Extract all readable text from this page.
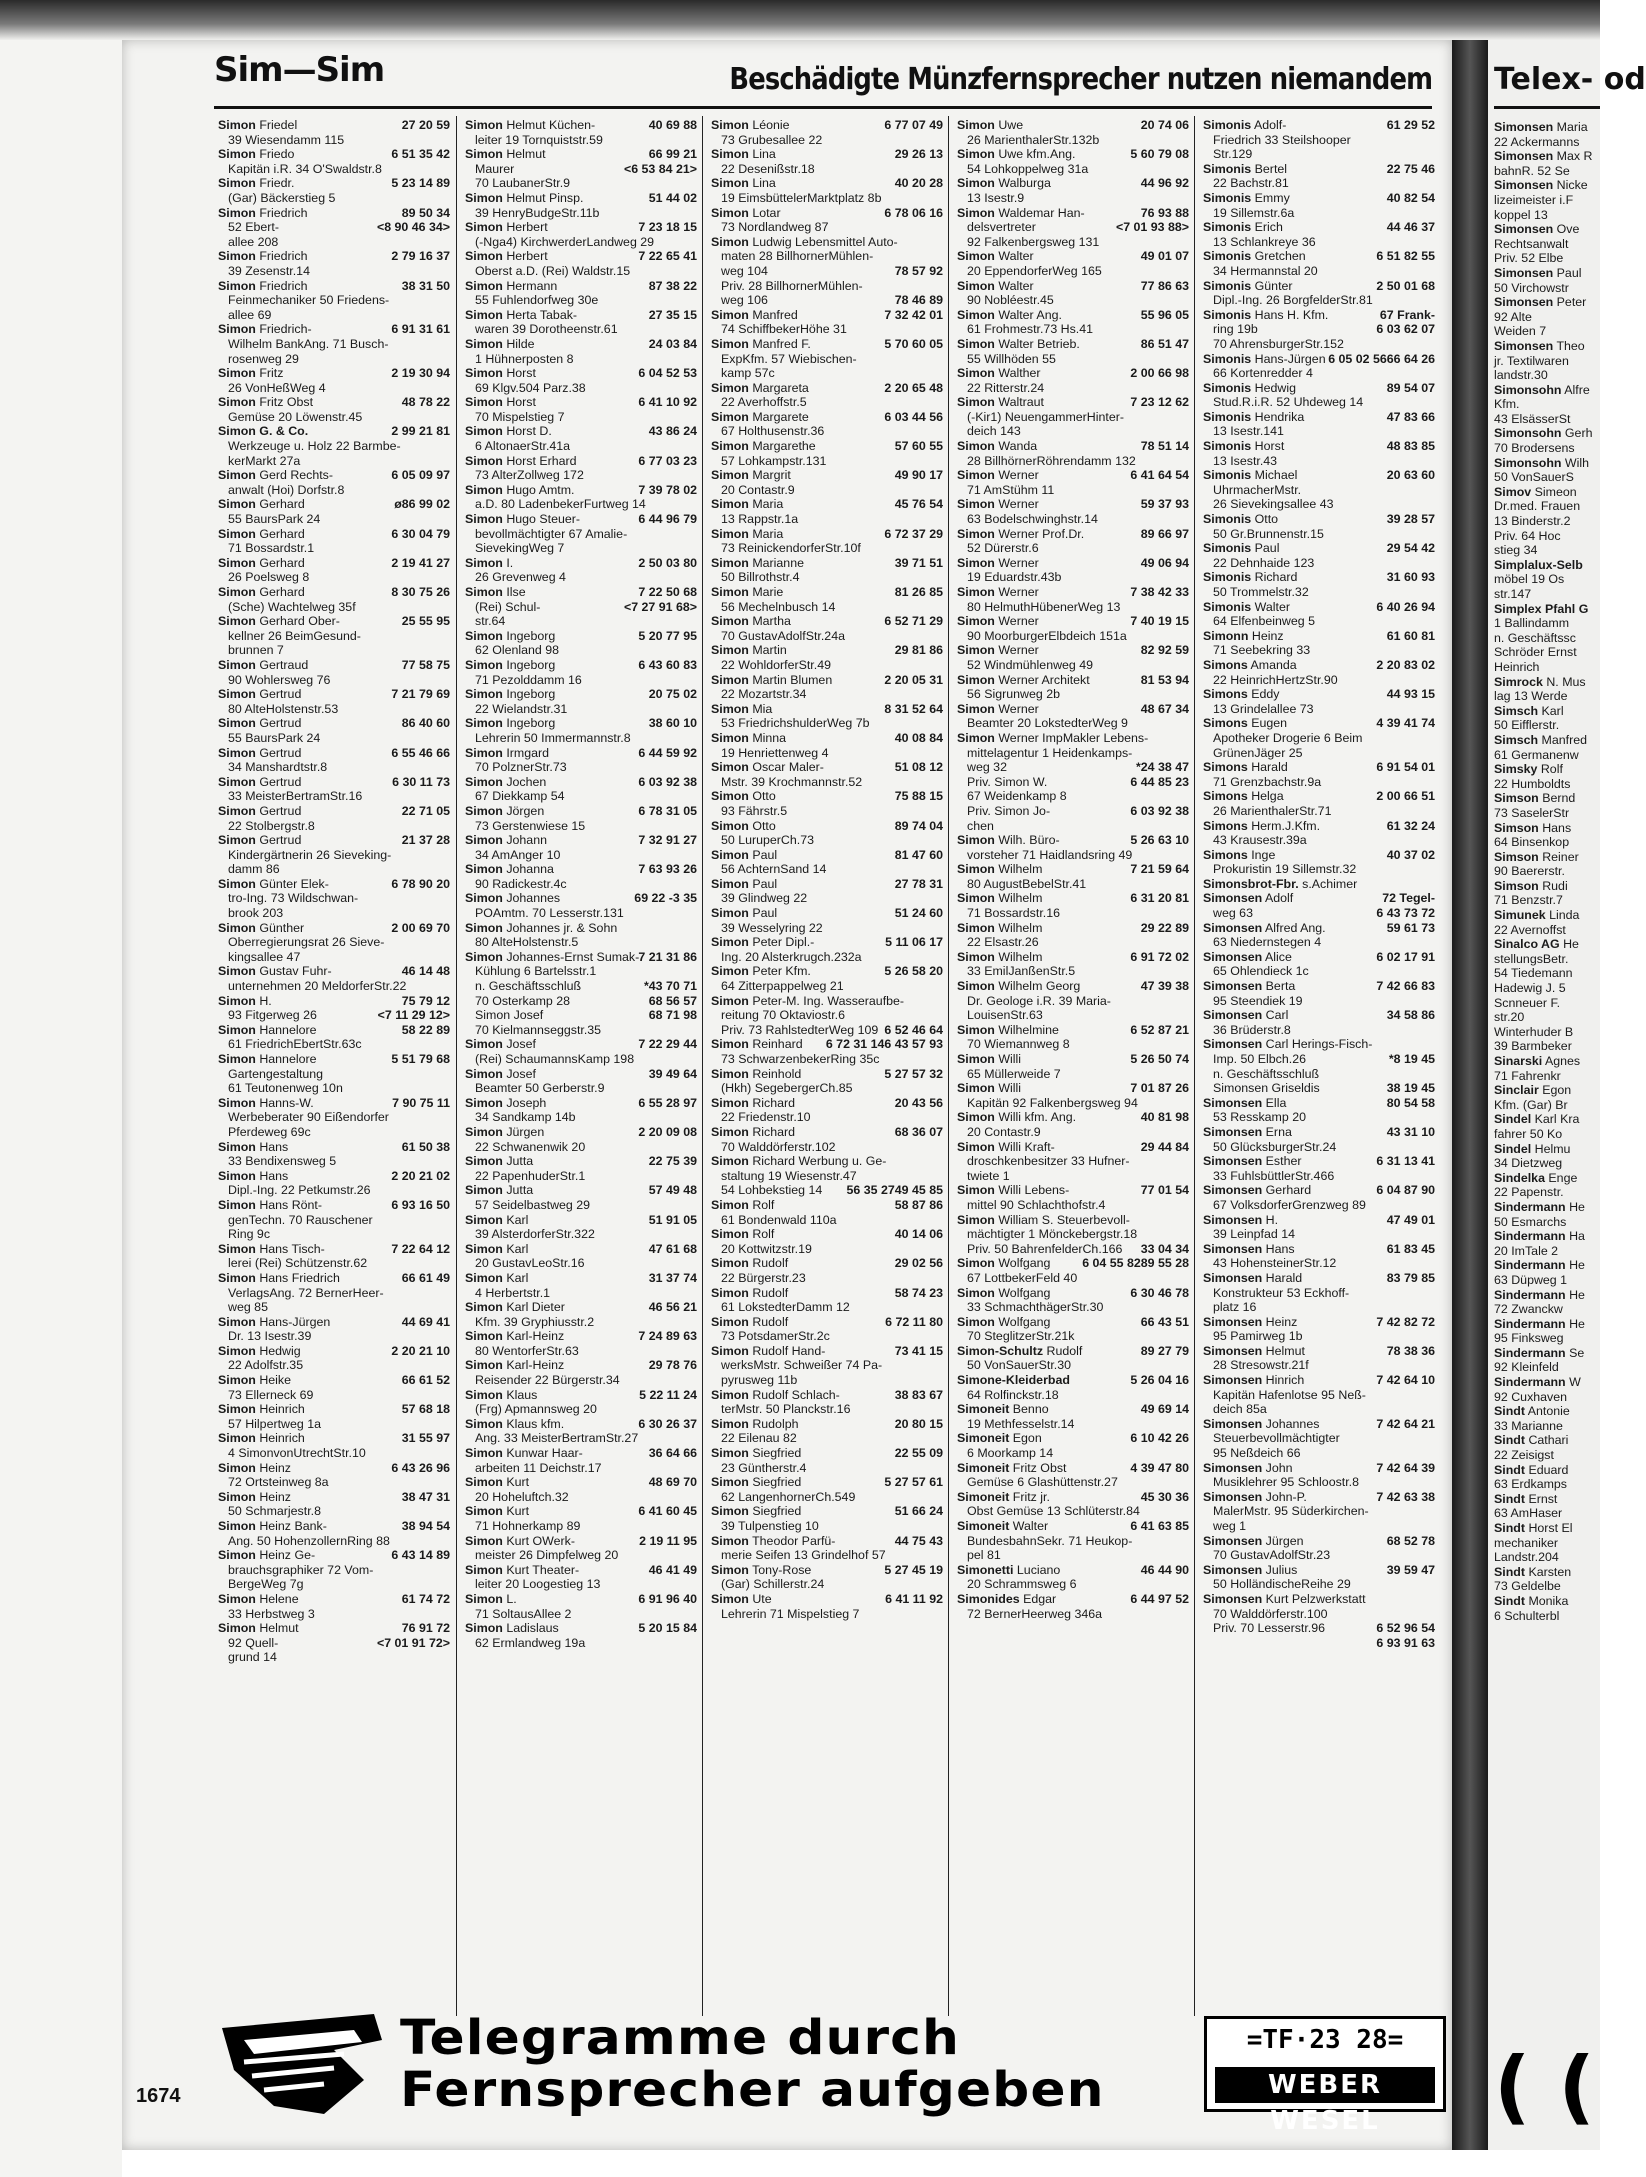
Sim—Sim	Beschädigte Münzfernsprecher nutzen niemandem
27 20 59
Simon Friedel
39 Wiesendamm 115
6 51 35 42
Simon Friedo
Kapitän i.R. 34 O'Swaldstr.8
5 23 14 89
Simon Friedr.
(Gar) Bäckerstieg 5
89 50 34
Simon Friedrich
<8 90 46 34>
52 Ebert-
allee 208
2 79 16 37
Simon Friedrich
39 Zesenstr.14
38 31 50
Simon Friedrich
Feinmechaniker 50 Friedens-
allee 69
6 91 31 61
Simon Friedrich-
Wilhelm BankAng. 71 Busch-
rosenweg 29
2 19 30 94
Simon Fritz
26 VonHeßWeg 4
48 78 22
Simon Fritz Obst
Gemüse 20 Löwenstr.45
2 99 21 81
Simon G. & Co.
Werkzeuge u. Holz 22 Barmbe-
kerMarkt 27a
6 05 09 97
Simon Gerd Rechts-
anwalt (Hoi) Dorfstr.8
ø86 99 02
Simon Gerhard
55 BaursPark 24
6 30 04 79
Simon Gerhard
71 Bossardstr.1
2 19 41 27
Simon Gerhard
26 Poelsweg 8
8 30 75 26
Simon Gerhard
(Sche) Wachtelweg 35f
25 55 95
Simon Gerhard Ober-
kellner 26 BeimGesund-
brunnen 7
77 58 75
Simon Gertraud
90 Wohlersweg 76
7 21 79 69
Simon Gertrud
80 AlteHolstenstr.53
86 40 60
Simon Gertrud
55 BaursPark 24
6 55 46 66
Simon Gertrud
34 Manshardtstr.8
6 30 11 73
Simon Gertrud
33 MeisterBertramStr.16
22 71 05
Simon Gertrud
22 Stolbergstr.8
21 37 28
Simon Gertrud
Kindergärtnerin 26 Sieveking-
damm 86
6 78 90 20
Simon Günter Elek-
tro-Ing. 73 Wildschwan-
brook 203
2 00 69 70
Simon Günther
Oberregierungsrat 26 Sieve-
kingsallee 47
46 14 48
Simon Gustav Fuhr-
unternehmen 20 MeldorferStr.22
75 79 12
Simon H.
<7 11 29 12>
93 Fitgerweg 26
58 22 89
Simon Hannelore
61 FriedrichEbertStr.63c
5 51 79 68
Simon Hannelore
Gartengestaltung
61 Teutonenweg 10n
7 90 75 11
Simon Hanns-W.
Werbeberater 90 Eißendorfer
Pferdeweg 69c
61 50 38
Simon Hans
33 Bendixensweg 5
2 20 21 02
Simon Hans
Dipl.-Ing. 22 Petkumstr.26
6 93 16 50
Simon Hans Rönt-
genTechn. 70 Rauschener
Ring 9c
7 22 64 12
Simon Hans Tisch-
lerei (Rei) Schützenstr.62
66 61 49
Simon Hans Friedrich
VerlagsAng. 72 BernerHeer-
weg 85
44 69 41
Simon Hans-Jürgen
Dr. 13 Isestr.39
2 20 21 10
Simon Hedwig
22 Adolfstr.35
66 61 52
Simon Heike
73 Ellerneck 69
57 68 18
Simon Heinrich
57 Hilpertweg 1a
31 55 97
Simon Heinrich
4 SimonvonUtrechtStr.10
6 43 26 96
Simon Heinz
72 Ortsteinweg 8a
38 47 31
Simon Heinz
50 Schmarjestr.8
38 94 54
Simon Heinz Bank-
Ang. 50 HohenzollernRing 88
6 43 14 89
Simon Heinz Ge-
brauchsgraphiker 72 Vom-
BergeWeg 7g
61 74 72
Simon Helene
33 Herbstweg 3
76 91 72
Simon Helmut
<7 01 91 72>
92 Quell-
grund 14
40 69 88
Simon Helmut Küchen-
leiter 19 Tornquiststr.59
66 99 21
Simon Helmut
<6 53 84 21>
Maurer
70 LaubanerStr.9
51 44 02
Simon Helmut Pinsp.
39 HenryBudgeStr.11b
7 23 18 15
Simon Herbert
(-Nga4) KirchwerderLandweg 29
7 22 65 41
Simon Herbert
Oberst a.D. (Rei) Waldstr.15
87 38 22
Simon Hermann
55 Fuhlendorfweg 30e
27 35 15
Simon Herta Tabak-
waren 39 Dorotheenstr.61
24 03 84
Simon Hilde
1 Hühnerposten 8
6 04 52 53
Simon Horst
69 Klgv.504 Parz.38
6 41 10 92
Simon Horst
70 Mispelstieg 7
43 86 24
Simon Horst D.
6 AltonaerStr.41a
6 77 03 23
Simon Horst Erhard
73 AlterZollweg 172
7 39 78 02
Simon Hugo Amtm.
a.D. 80 LadenbekerFurtweg 14
6 44 96 79
Simon Hugo Steuer-
bevollmächtigter 67 Amalie-
SievekingWeg 7
2 50 03 80
Simon I.
26 Grevenweg 4
7 22 50 68
Simon Ilse
<7 27 91 68>
(Rei) Schul-
str.64
5 20 77 95
Simon Ingeborg
62 Olenland 98
6 43 60 83
Simon Ingeborg
71 Pezolddamm 16
20 75 02
Simon Ingeborg
22 Wielandstr.31
38 60 10
Simon Ingeborg
Lehrerin 50 Immermannstr.8
6 44 59 92
Simon Irmgard
70 PolznerStr.73
6 03 92 38
Simon Jochen
67 Diekkamp 54
6 78 31 05
Simon Jörgen
73 Gerstenwiese 15
7 32 91 27
Simon Johann
34 AmAnger 10
7 63 93 26
Simon Johanna
90 Radickestr.4c
69 22 -3 35
Simon Johannes
POAmtm. 70 Lesserstr.131
Simon Johannes jr. & Sohn
80 AlteHolstenstr.5
7 21 31 86
Simon Johannes-Ernst Sumak-
Kühlung 6 Bartelsstr.1
*43 70 71
n. Geschäftsschluß
68 56 57
70 Osterkamp 28
68 71 98
Simon Josef
70 Kielmannseggstr.35
7 22 29 44
Simon Josef
(Rei) SchaumannsKamp 198
39 49 64
Simon Josef
Beamter 50 Gerberstr.9
6 55 28 97
Simon Joseph
34 Sandkamp 14b
2 20 09 08
Simon Jürgen
22 Schwanenwik 20
22 75 39
Simon Jutta
22 PapenhuderStr.1
57 49 48
Simon Jutta
57 Seidelbastweg 29
51 91 05
Simon Karl
39 AlsterdorferStr.322
47 61 68
Simon Karl
20 GustavLeoStr.16
31 37 74
Simon Karl
4 Herbertstr.1
46 56 21
Simon Karl Dieter
Kfm. 39 Gryphiusstr.2
7 24 89 63
Simon Karl-Heinz
80 WentorferStr.63
29 78 76
Simon Karl-Heinz
Reisender 22 Bürgerstr.34
5 22 11 24
Simon Klaus
(Frg) Apmannsweg 20
6 30 26 37
Simon Klaus kfm.
Ang. 33 MeisterBertramStr.27
36 64 66
Simon Kunwar Haar-
arbeiten 11 Deichstr.17
48 69 70
Simon Kurt
20 Hoheluftch.32
6 41 60 45
Simon Kurt
71 Hohnerkamp 89
2 19 11 95
Simon Kurt OWerk-
meister 26 Dimpfelweg 20
46 41 49
Simon Kurt Theater-
leiter 20 Loogestieg 13
6 91 96 40
Simon L.
71 SoltausAllee 2
5 20 15 84
Simon Ladislaus
62 Ermlandweg 19a
6 77 07 49
Simon Léonie
73 Grubesallee 22
29 26 13
Simon Lina
22 Desenißstr.18
40 20 28
Simon Lina
19 EimsbüttelerMarktplatz 8b
6 78 06 16
Simon Lotar
73 Nordlandweg 87
Simon Ludwig Lebensmittel Auto-
maten 28 BillhornerMühlen-
78 57 92
weg 104
Priv. 28 BillhornerMühlen-
78 46 89
weg 106
7 32 42 01
Simon Manfred
74 SchiffbekerHöhe 31
5 70 60 05
Simon Manfred F.
ExpKfm. 57 Wiebischen-
kamp 57c
2 20 65 48
Simon Margareta
22 Averhoffstr.5
6 03 44 56
Simon Margarete
67 Holthusenstr.36
57 60 55
Simon Margarethe
57 Lohkampstr.131
49 90 17
Simon Margrit
20 Contastr.9
45 76 54
Simon Maria
13 Rappstr.1a
6 72 37 29
Simon Maria
73 ReinickendorferStr.10f
39 71 51
Simon Marianne
50 Billrothstr.4
81 26 85
Simon Marie
56 Mechelnbusch 14
6 52 71 29
Simon Martha
70 GustavAdolfStr.24a
29 81 86
Simon Martin
22 WohldorferStr.49
2 20 05 31
Simon Martin Blumen
22 Mozartstr.34
8 31 52 64
Simon Mia
53 FriedrichshulderWeg 7b
40 08 84
Simon Minna
19 Henriettenweg 4
51 08 12
Simon Oscar Maler-
Mstr. 39 Krochmannstr.52
75 88 15
Simon Otto
93 Fährstr.5
89 74 04
Simon Otto
50 LuruperCh.73
81 47 60
Simon Paul
56 AchternSand 14
27 78 31
Simon Paul
39 Glindweg 22
51 24 60
Simon Paul
39 Wesselyring 22
5 11 06 17
Simon Peter Dipl.-
Ing. 20 Alsterkrugch.232a
5 26 58 20
Simon Peter Kfm.
64 Zitterpappelweg 21
Simon Peter-M. Ing. Wasseraufbe-
reitung 70 Oktaviostr.6
6 52 46 64
Priv. 73 RahlstedterWeg 109
6 43 57 93
6 72 31 14
Simon Reinhard
73 SchwarzenbekerRing 35c
5 27 57 32
Simon Reinhold
(Hkh) SegebergerCh.85
20 43 56
Simon Richard
22 Friedenstr.10
68 36 07
Simon Richard
70 Walddörferstr.102
Simon Richard Werbung u. Ge-
staltung 19 Wiesenstr.47
49 45 85
56 35 27
54 Lohbekstieg 14
58 87 86
Simon Rolf
61 Bondenwald 110a
40 14 06
Simon Rolf
20 Kottwitzstr.19
29 02 56
Simon Rudolf
22 Bürgerstr.23
58 74 23
Simon Rudolf
61 LokstedterDamm 12
6 72 11 80
Simon Rudolf
73 PotsdamerStr.2c
73 41 15
Simon Rudolf Hand-
werksMstr. Schweißer 74 Pa-
pyrusweg 11b
38 83 67
Simon Rudolf Schlach-
terMstr. 50 Planckstr.16
20 80 15
Simon Rudolph
22 Eilenau 82
22 55 09
Simon Siegfried
23 Güntherstr.4
5 27 57 61
Simon Siegfried
62 LangenhornerCh.549
51 66 24
Simon Siegfried
39 Tulpenstieg 10
44 75 43
Simon Theodor Parfü-
merie Seifen 13 Grindelhof 57
5 27 45 19
Simon Tony-Rose
(Gar) Schillerstr.24
6 41 11 92
Simon Ute
Lehrerin 71 Mispelstieg 7
20 74 06
Simon Uwe
26 MarienthalerStr.132b
5 60 79 08
Simon Uwe kfm.Ang.
54 Lohkoppelweg 31a
44 96 92
Simon Walburga
13 Isestr.9
76 93 88
Simon Waldemar Han-
<7 01 93 88>
delsvertreter
92 Falkenbergsweg 131
49 01 07
Simon Walter
20 EppendorferWeg 165
77 86 63
Simon Walter
90 Nobléestr.45
55 96 05
Simon Walter Ang.
61 Frohmestr.73 Hs.41
86 51 47
Simon Walter Betrieb.
55 Willhöden 55
2 00 66 98
Simon Walther
22 Ritterstr.24
7 23 12 62
Simon Waltraut
(-Kir1) NeuengammerHinter-
deich 143
78 51 14
Simon Wanda
28 BillhörnerRöhrendamm 132
6 41 64 54
Simon Werner
71 AmStühm 11
59 37 93
Simon Werner
63 Bodelschwinghstr.14
89 66 97
Simon Werner Prof.Dr.
52 Dürerstr.6
49 06 94
Simon Werner
19 Eduardstr.43b
7 38 42 33
Simon Werner
80 HelmuthHübenerWeg 13
7 40 19 15
Simon Werner
90 MoorburgerElbdeich 151a
82 92 59
Simon Werner
52 Windmühlenweg 49
81 53 94
Simon Werner Architekt
56 Sigrunweg 2b
48 67 34
Simon Werner
Beamter 20 LokstedterWeg 9
Simon Werner ImpMakler Lebens-
mittelagentur 1 Heidenkamps-
*24 38 47
weg 32
6 44 85 23
Priv. Simon W.
67 Weidenkamp 8
6 03 92 38
Priv. Simon Jo-
chen
5 26 63 10
Simon Wilh. Büro-
vorsteher 71 Haidlandsring 49
7 21 59 64
Simon Wilhelm
80 AugustBebelStr.41
6 31 20 81
Simon Wilhelm
71 Bossardstr.16
29 22 89
Simon Wilhelm
22 Elsastr.26
6 91 72 02
Simon Wilhelm
33 EmilJanßenStr.5
47 39 38
Simon Wilhelm Georg
Dr. Geologe i.R. 39 Maria-
LouisenStr.63
6 52 87 21
Simon Wilhelmine
70 Wiemannweg 8
5 26 50 74
Simon Willi
65 Müllerweide 7
7 01 87 26
Simon Willi
Kapitän 92 Falkenbergsweg 94
40 81 98
Simon Willi kfm. Ang.
20 Contastr.9
29 44 84
Simon Willi Kraft-
droschkenbesitzer 33 Hufner-
twiete 1
77 01 54
Simon Willi Lebens-
mittel 90 Schlachthofstr.4
Simon William S. Steuerbevoll-
mächtigter 1 Mönckebergstr.18
33 04 34
Priv. 50 BahrenfelderCh.166
89 55 28
6 04 55 82
Simon Wolfgang
67 LottbekerFeld 40
6 30 46 78
Simon Wolfgang
33 SchmachthägerStr.30
66 43 51
Simon Wolfgang
70 SteglitzerStr.21k
89 27 79
Simon-Schultz Rudolf
50 VonSauerStr.30
5 26 04 16
Simone-Kleiderbad
64 Rolfinckstr.18
49 69 14
Simoneit Benno
19 Methfesselstr.14
6 10 42 26
Simoneit Egon
6 Moorkamp 14
4 39 47 80
Simoneit Fritz Obst
Gemüse 6 Glashüttenstr.27
45 30 36
Simoneit Fritz jr.
Obst Gemüse 13 Schlüterstr.84
6 41 63 85
Simoneit Walter
BundesbahnSekr. 71 Heukop-
pel 81
46 44 90
Simonetti Luciano
20 Schrammsweg 6
6 44 97 52
Simonides Edgar
72 BernerHeerweg 346a
61 29 52
Simonis Adolf-
Friedrich 33 Steilshooper
Str.129
22 75 46
Simonis Bertel
22 Bachstr.81
40 82 54
Simonis Emmy
19 Sillemstr.6a
44 46 37
Simonis Erich
13 Schlankreye 36
6 51 82 55
Simonis Gretchen
34 Hermannstal 20
2 50 01 68
Simonis Günter
Dipl.-Ing. 26 BorgfelderStr.81
67 Frank-
Simonis Hans H. Kfm.
6 03 62 07
ring 19b
70 AhrensburgerStr.152
66 64 26
6 05 02 56
Simonis Hans-Jürgen
66 Kortenredder 4
89 54 07
Simonis Hedwig
Stud.R.i.R. 52 Uhdeweg 14
47 83 66
Simonis Hendrika
13 Isestr.141
48 83 85
Simonis Horst
13 Isestr.43
20 63 60
Simonis Michael
UhrmacherMstr.
26 Sievekingsallee 43
39 28 57
Simonis Otto
50 Gr.Brunnenstr.15
29 54 42
Simonis Paul
22 Dehnhaide 123
31 60 93
Simonis Richard
50 Trommelstr.32
6 40 26 94
Simonis Walter
64 Elfenbeinweg 5
61 60 81
Simonn Heinz
71 Seebekring 33
2 20 83 02
Simons Amanda
22 HeinrichHertzStr.90
44 93 15
Simons Eddy
13 Grindelallee 73
4 39 41 74
Simons Eugen
Apotheker Drogerie 6 Beim
GrünenJäger 25
6 91 54 01
Simons Harald
71 Grenzbachstr.9a
2 00 66 51
Simons Helga
26 MarienthalerStr.71
61 32 24
Simons Herm.J.Kfm.
43 Krausestr.39a
40 37 02
Simons Inge
Prokuristin 19 Sillemstr.32
Simonsbrot-Fbr. s.Achimer
72 Tegel-
Simonsen Adolf
6 43 73 72
weg 63
59 61 73
Simonsen Alfred Ang.
63 Niedernstegen 4
6 02 17 91
Simonsen Alice
65 Ohlendieck 1c
7 42 66 83
Simonsen Berta
95 Steendiek 19
34 58 86
Simonsen Carl
36 Brüderstr.8
Simonsen Carl Herings-Fisch-
*8 19 45
Imp. 50 Elbch.26
n. Geschäftsschluß
38 19 45
Simonsen Griseldis
80 54 58
Simonsen Ella
53 Resskamp 20
43 31 10
Simonsen Erna
50 GlücksburgerStr.24
6 31 13 41
Simonsen Esther
33 FuhlsbüttlerStr.466
6 04 87 90
Simonsen Gerhard
67 VolksdorferGrenzweg 89
47 49 01
Simonsen H.
39 Leinpfad 14
61 83 45
Simonsen Hans
43 HohensteinerStr.12
83 79 85
Simonsen Harald
Konstrukteur 53 Eckhoff-
platz 16
7 42 82 72
Simonsen Heinz
95 Pamirweg 1b
78 38 36
Simonsen Helmut
28 Stresowstr.21f
7 42 64 10
Simonsen Hinrich
Kapitän Hafenlotse 95 Neß-
deich 85a
7 42 64 21
Simonsen Johannes
Steuerbevollmächtigter
95 Neßdeich 66
7 42 64 39
Simonsen John
Musiklehrer 95 Schloostr.8
7 42 63 38
Simonsen John-P.
MalerMstr. 95 Süderkirchen-
weg 1
68 52 78
Simonsen Jürgen
70 GustavAdolfStr.23
39 59 47
Simonsen Julius
50 HolländischeReihe 29
Simonsen Kurt Pelzwerkstatt
70 Walddörferstr.100
6 52 96 54
Priv. 70 Lesserstr.96
6 93 91 63
Telegramme durch
Fernsprecher aufgeben
=TF·23 28=
WEBER WESEL
1674
Telex- od
Simonsen Maria
22 Ackermanns
Simonsen Max R
bahnR. 52 Se
Simonsen Nicke
lizeimeister i.F
koppel 13
Simonsen Ove
Rechtsanwalt
Priv. 52 Elbe
Simonsen Paul
50 Virchowstr
Simonsen Peter
92 Alte
Weiden 7
Simonsen Theo
jr. Textilwaren
landstr.30
Simonsohn Alfre
Kfm.
43 ElsässerSt
Simonsohn Gerh
70 Brodersens
Simonsohn Wilh
50 VonSauerS
Simov Simeon
Dr.med. Frauen
13 Binderstr.2
Priv. 64 Hoc
stieg 34
Simplalux-Selb
möbel 19 Os
str.147
Simplex Pfahl G
1 Ballindamm
n. Geschäftssc
Schröder Ernst
Heinrich
Simrock N. Mus
lag 13 Werde
Simsch Karl
50 Eifflerstr.
Simsch Manfred
61 Germanenw
Simsky Rolf
22 Humboldts
Simson Bernd
73 SaselerStr
Simson Hans
64 Binsenkop
Simson Reiner
90 Baererstr.
Simson Rudi
71 Benzstr.7
Simunek Linda
22 Avernoffst
Sinalco AG He
stellungsBetr.
54 Tiedemann
Hadewig J. 5
Scnneuer F.
str.20
Winterhuder B
39 Barmbeker
Sinarski Agnes
71 Fahrenkr
Sinclair Egon
Kfm. (Gar) Br
Sindel Karl Kra
fahrer 50 Ko
Sindel Helmu
34 Dietzweg
Sindelka Enge
22 Papenstr.
Sindermann He
50 Esmarchs
Sindermann Ha
20 ImTale 2
Sindermann He
63 Düpweg 1
Sindermann He
72 Zwanckw
Sindermann He
95 Finksweg
Sindermann Se
92 Kleinfeld
Sindermann W
92 Cuxhaven
Sindt Antonie
33 Marianne
Sindt Cathari
22 Zeisigst
Sindt Eduard
63 Erdkamps
Sindt Ernst
63 AmHaser
Sindt Horst El
mechaniker
Landstr.204
Sindt Karsten
73 Geldelbe
Sindt Monika
6 Schulterbl
( (
